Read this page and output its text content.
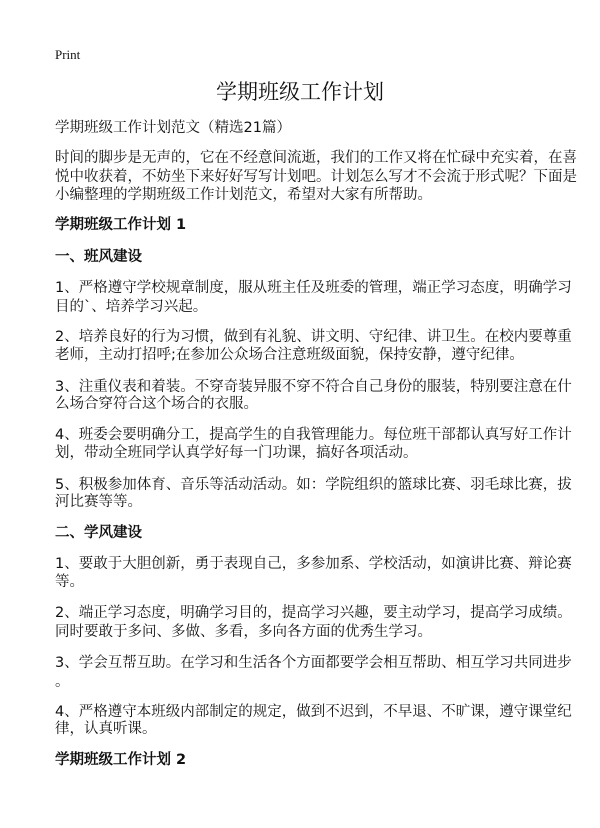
Print
学期班级工作计划
学期班级工作计划范文（精选21篇）
时间的脚步是无声的，它在不经意间流逝，我们的工作又将在忙碌中充实着，在喜
悦中收获着，不妨坐下来好好写写计划吧。计划怎么写才不会流于形式呢？下面是
小编整理的学期班级工作计划范文，希望对大家有所帮助。
学期班级工作计划 1
一、班风建设
1、严格遵守学校规章制度，服从班主任及班委的管理，端正学习态度，明确学习
目的`、培养学习兴起。
2、培养良好的行为习惯，做到有礼貌、讲文明、守纪律、讲卫生。在校内要尊重
老师，主动打招呼;在参加公众场合注意班级面貌，保持安静，遵守纪律。
3、注重仪表和着装。不穿奇装异服不穿不符合自己身份的服装，特别要注意在什
么场合穿符合这个场合的衣服。
4、班委会要明确分工，提高学生的自我管理能力。每位班干部都认真写好工作计
划，带动全班同学认真学好每一门功课，搞好各项活动。
5、积极参加体育、音乐等活动活动。如：学院组织的篮球比赛、羽毛球比赛，拔
河比赛等等。
二、学风建设
1、要敢于大胆创新，勇于表现自己，多参加系、学校活动，如演讲比赛、辩论赛
等。
2、端正学习态度，明确学习目的，提高学习兴趣，要主动学习，提高学习成绩。
同时要敢于多问、多做、多看，多向各方面的优秀生学习。
3、学会互帮互助。在学习和生活各个方面都要学会相互帮助、相互学习共同进步
。
4、严格遵守本班级内部制定的规定，做到不迟到，不早退、不旷课，遵守课堂纪
律，认真听课。
学期班级工作计划 2
